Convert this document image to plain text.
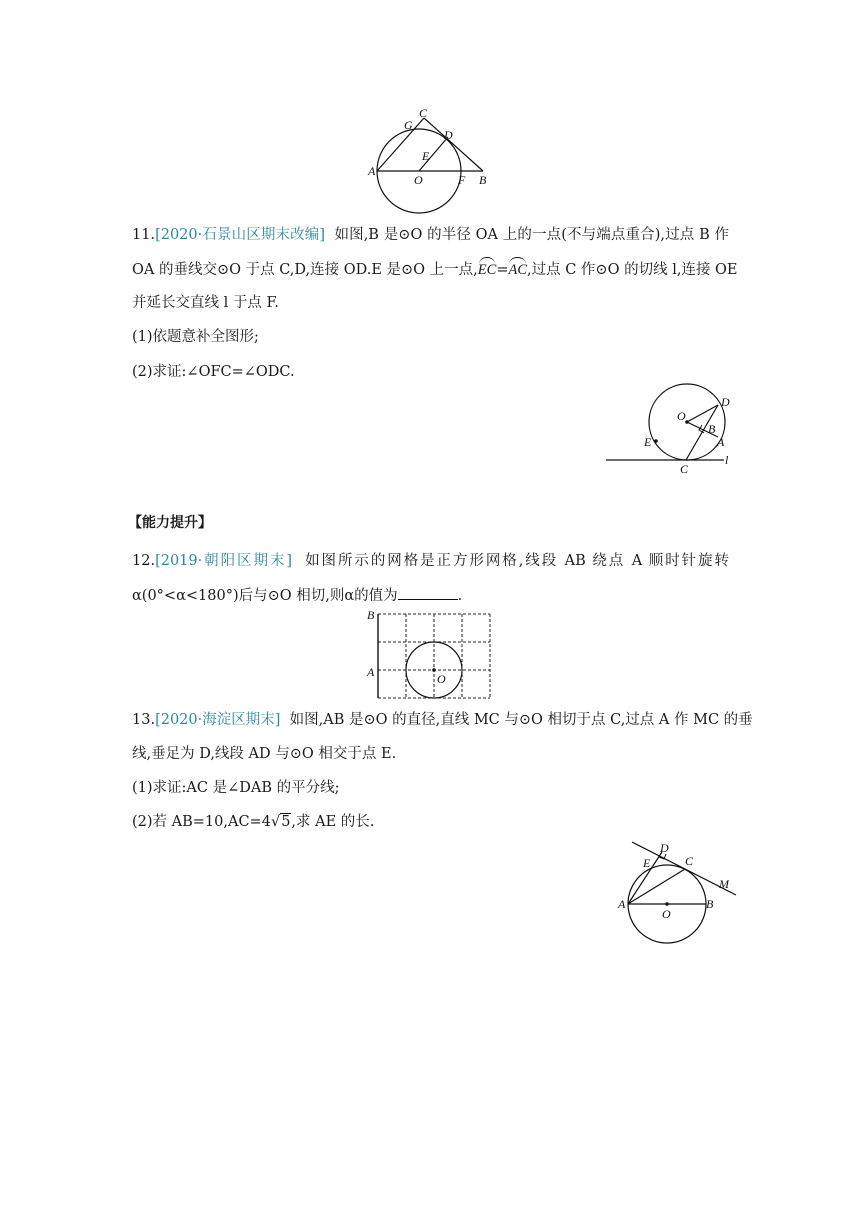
C
G
D
E
A
O	F B
11.[2020·石景山区期末改编] 如图,B 是⊙O 的半径 OA 上的一点(不与端点重合),过点 B 作
OA 的垂线交⊙O 于点 C,D,连接 OD.E 是⊙O 上一点,EC=AC,过点 C 作⊙O 的切线 l,连接 OE
并延长交直线 l 于点 F.
(1)依题意补全图形;
(2)求证:∠OFC=∠ODC.
D
O
B
A
E
C
l
【能力提升】
12.[2019·朝阳区期末] 如图所示的网格是正方形网格,线段 AB 绕点 A 顺时针旋转
α(0°<α<180°)后与⊙O 相切,则α的值为	.
B
A	O
13.[2020·海淀区期末] 如图,AB 是⊙O 的直径,直线 MC 与⊙O 相切于点 C,过点 A 作 MC 的垂
线,垂足为 D,线段 AD 与⊙O 相交于点 E.
(1)求证:AC 是∠DAB 的平分线;
(2)若 AB=10,AC=4√5,求 AE 的长.
D
E	C
M
A
O
B
